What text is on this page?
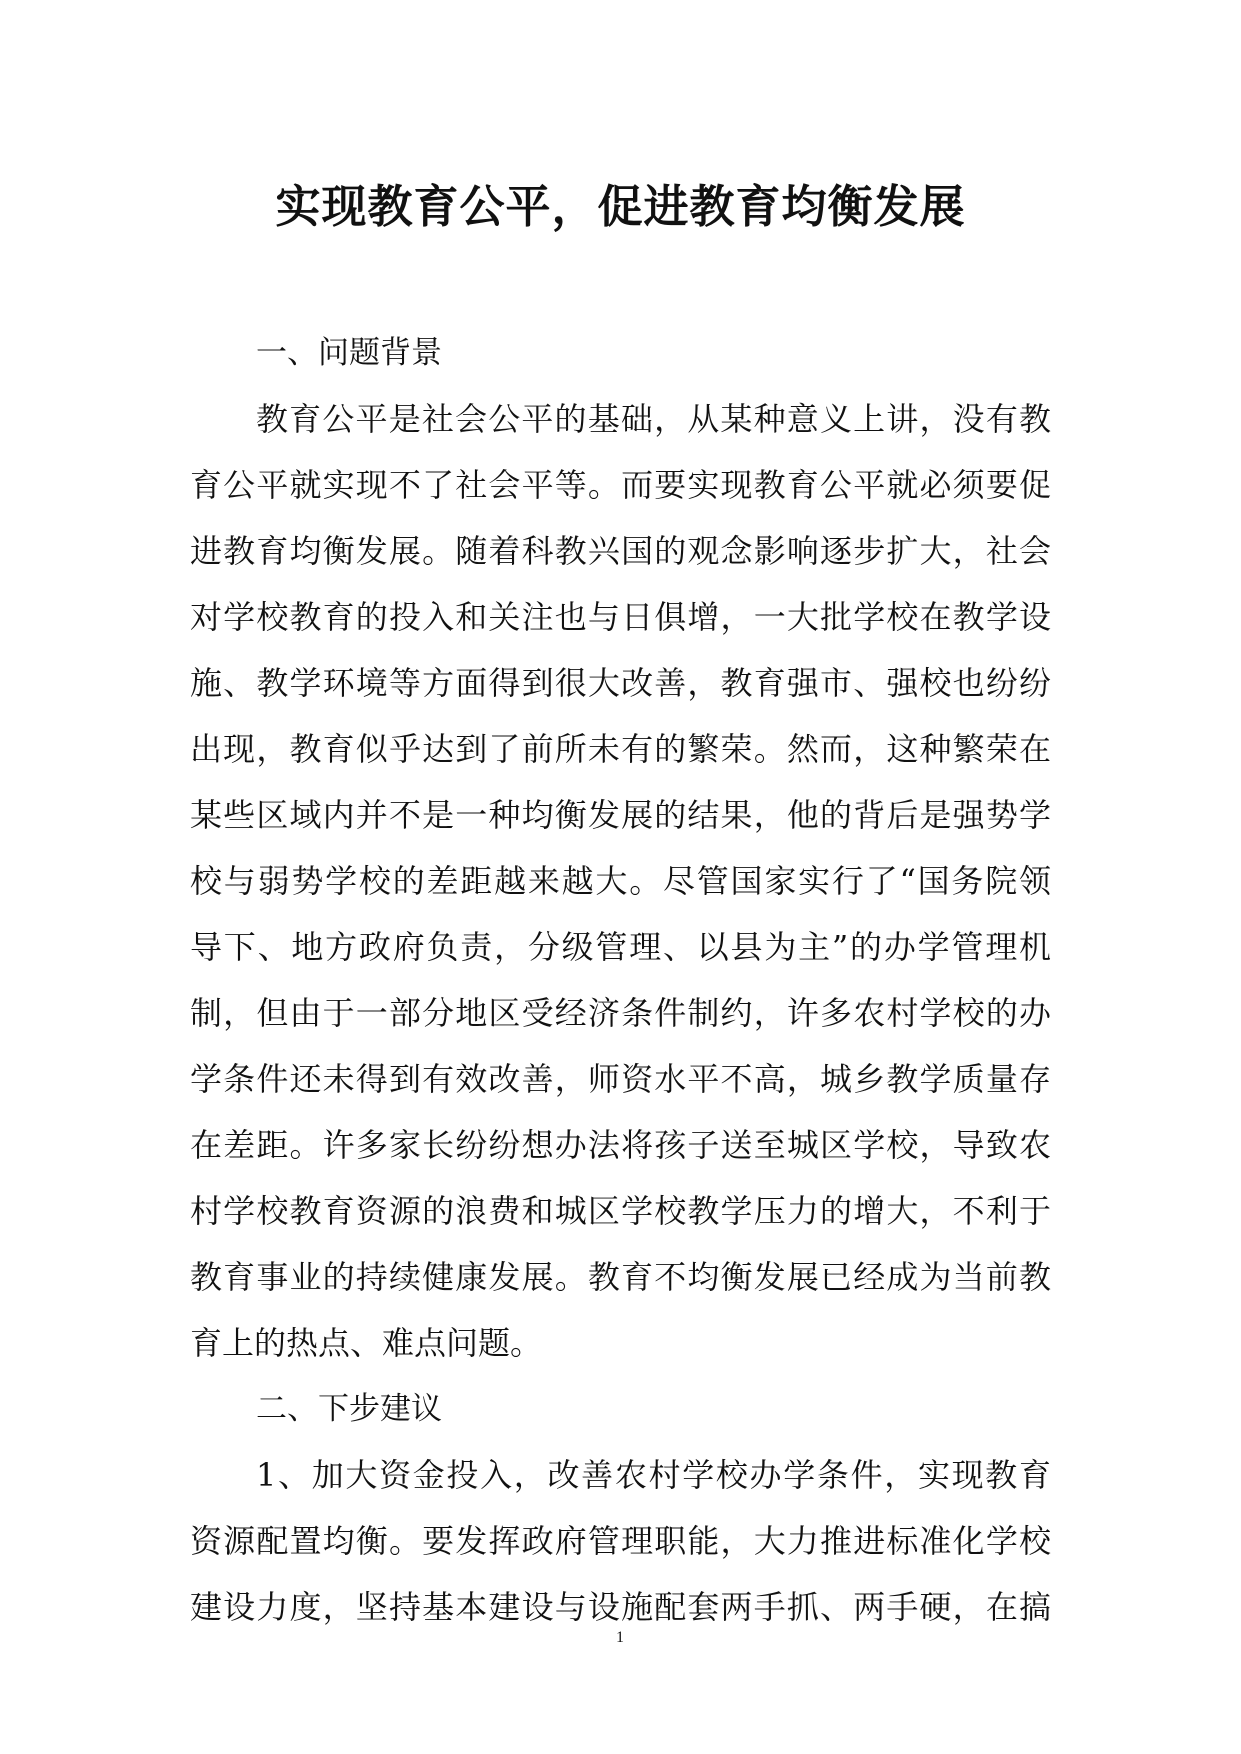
实现教育公平，促进教育均衡发展
一、问题背景
教育公平是社会公平的基础，从某种意义上讲，没有教
育公平就实现不了社会平等。而要实现教育公平就必须要促
进教育均衡发展。随着科教兴国的观念影响逐步扩大，社会
对学校教育的投入和关注也与日俱增，一大批学校在教学设
施、教学环境等方面得到很大改善，教育强市、强校也纷纷
出现，教育似乎达到了前所未有的繁荣。然而，这种繁荣在
某些区域内并不是一种均衡发展的结果，他的背后是强势学
校与弱势学校的差距越来越大。尽管国家实行了“国务院领
导下、地方政府负责，分级管理、以县为主”的办学管理机
制，但由于一部分地区受经济条件制约，许多农村学校的办
学条件还未得到有效改善，师资水平不高，城乡教学质量存
在差距。许多家长纷纷想办法将孩子送至城区学校，导致农
村学校教育资源的浪费和城区学校教学压力的增大，不利于
教育事业的持续健康发展。教育不均衡发展已经成为当前教
育上的热点、难点问题。
二、下步建议
1、加大资金投入，改善农村学校办学条件，实现教育
资源配置均衡。要发挥政府管理职能，大力推进标准化学校
建设力度，坚持基本建设与设施配套两手抓、两手硬，在搞
1
